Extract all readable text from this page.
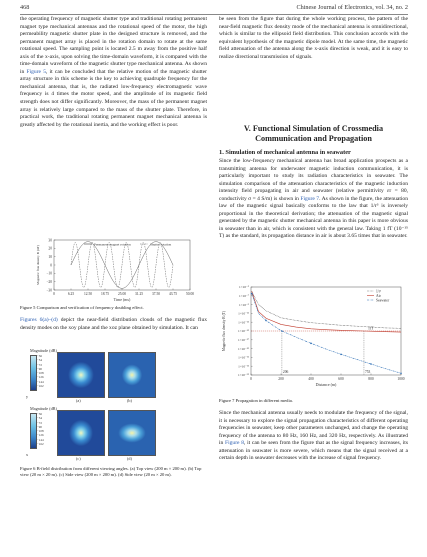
468	Chinese Journal of Electronics, vol. 34, no. 2

the operating frequency of magnetic shutter type and traditional rotating permanent magnet type mechanical antennas and the rotational speed of the motor, the high permeability magnetic shutter plate in the designed structure is removed, and the permanent magnet array is placed in the rotation domain to rotate at the same rotational speed. The sampling point is located 2.5 m away from the positive half axis of the x-axis, upon solving the time-domain waveform, it is compared with the time-domain waveform of the magnetic shutter type mechanical antenna. As shown in Figure 5, it can be concluded that the relative motion of the magnetic shutter array structure in this scheme is the key to achieving quadruple frequency for the mechanical antenna, that is, the radiated low-frequency electromagnetic wave frequency is 4 times the motor speed, and the amplitude of its magnetic field strength does not differ significantly. Moreover, the mass of the permanent magnet array is relatively large compared to the mass of the shutter plate. Therefore, in practical work, the traditional rotating permanent magnet mechanical antenna is greatly affected by the rotational inertia, and the working effect is poor.

0	6.25	12.50 18.75 25.00 31.25 37.50 43.75 50.00
30
20
10
0
−10
−20
−30
Time (ms)
Magnetic flux density B (nT)
Permanent magnet rotation	Shutter rotation
Figure 5 Comparison and verification of frequency doubling effect.

Figures 6(a)–(d) depict the near-field distribution clouds of the magnetic flux density modes on the xoy plane and the xoz plane obtained by simulation. It can

Magnitude (dB)
−36
−54
−72
−90
−108
−126
−144
−162
(a)	(b)
y
Magnitude (dB)
−36
−54
−72
−90
−108
−126
−144
−162
(c)	(d)
x
Figure 6 B-field distribution from different viewing angles. (a) Top view (200 m × 200 m). (b) Top view (20 m × 20 m). (c) Side view (200 m × 200 m). (d) Side view (20 m × 20 m).
be seen from the figure that during the whole working process, the pattern of the near-field magnetic flux density mode of the mechanical antenna is omnidirectional, which is similar to the ellipsoid field distribution. This conclusion accords with the equivalent hypothesis of the magnetic dipole model. At the same time, the magnetic field attenuation of the antenna along the x-axis direction is weak, and it is easy to realize directional transmission of signals.
V. Functional Simulation of Crossmedia
Communication and Propagation
1. Simulation of mechanical antenna in seawater

Since the low-frequency mechanical antenna has broad application prospects as a transmitting antenna for underwater magnetic induction communication, it is particularly important to study its radiation characteristics in seawater. The simulation comparison of the attenuation characteristics of the magnetic induction intensity field propagating in air and seawater (relative permittivity εr = 80, conductivity σ = 4 S/m) is shown in Figure 7. As shown in the figure, the attenuation law of the magnetic signal basically conforms to the law that 1/r³ is inversely proportional in the theoretical derivation; the attenuation of the magnetic signal generated by the magnetic shutter mechanical antenna in this paper is more obvious in seawater than in air, which is consistent with the general law. Taking 1 fT (10⁻¹⁵ T) as the standard, its propagation distance in air is about 3.65 times that in seawater.

1×10⁻⁵
1×10⁻⁷
1×10⁻⁹
1×10⁻¹¹
1×10⁻¹³
1×10⁻¹⁵
1×10⁻¹⁷
1×10⁻¹⁹
1×10⁻²¹
1×10⁻²³
1×10⁻²⁵
0	200	400	600	800	1000
Distance (m)
Magnetic flux density B (T)	1fT
206	753
1/r³
Air
Seawater
Figure 7 Propagation in different media.

Since the mechanical antenna usually needs to modulate the frequency of the signal, it is necessary to explore the signal propagation characteristics of different operating frequencies in seawater, keep other parameters unchanged, and change the operating frequency of the antenna to 80 Hz, 160 Hz, and 320 Hz, respectively. As illustrated in Figure 8, it can be seen from the figure that as the signal frequency increases, its attenuation in seawater is more severe, which means that the signal received at a certain depth in seawater decreases with the increase of signal frequency.
